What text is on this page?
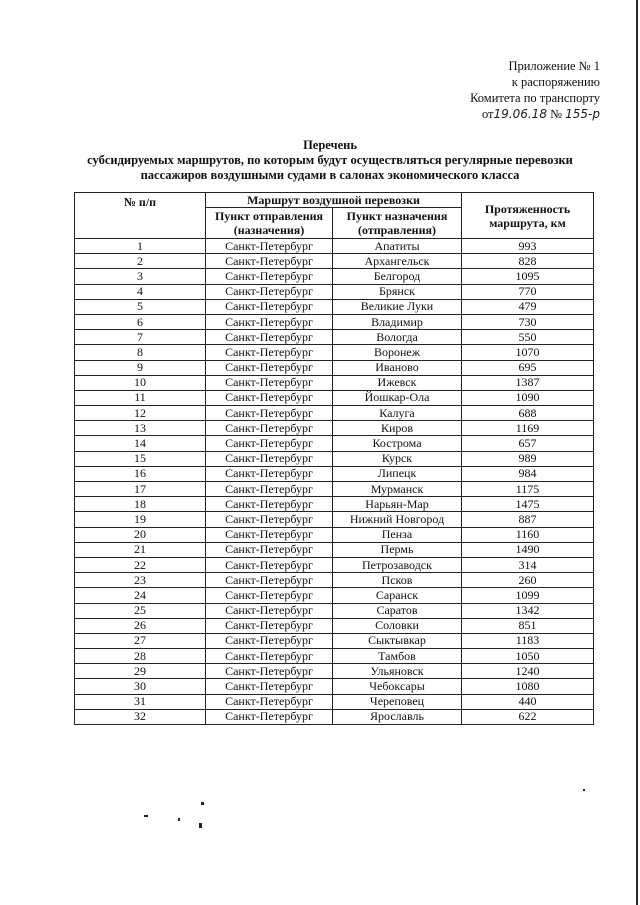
Приложение № 1
к распоряжению
Комитета по транспорту
от19.06.18 № 155-р
Перечень
субсидируемых маршрутов, по которым будут осуществляться регулярные перевозки
пассажиров воздушными судами в салонах экономического класса
№ п/п	Маршрут воздушной перевозки		Протяженность маршрута, км
	Пункт отправления (назначения)	Пункт назначения (отправления)	
1	Санкт-Петербург	Апатиты	993
2	Санкт-Петербург	Архангельск	828
3	Санкт-Петербург	Белгород	1095
4	Санкт-Петербург	Брянск	770
5	Санкт-Петербург	Великие Луки	479
6	Санкт-Петербург	Владимир	730
7	Санкт-Петербург	Вологда	550
8	Санкт-Петербург	Воронеж	1070
9	Санкт-Петербург	Иваново	695
10	Санкт-Петербург	Ижевск	1387
11	Санкт-Петербург	Йошкар-Ола	1090
12	Санкт-Петербург	Калуга	688
13	Санкт-Петербург	Киров	1169
14	Санкт-Петербург	Кострома	657
15	Санкт-Петербург	Курск	989
16	Санкт-Петербург	Липецк	984
17	Санкт-Петербург	Мурманск	1175
18	Санкт-Петербург	Нарьян-Мар	1475
19	Санкт-Петербург	Нижний Новгород	887
20	Санкт-Петербург	Пенза	1160
21	Санкт-Петербург	Пермь	1490
22	Санкт-Петербург	Петрозаводск	314
23	Санкт-Петербург	Псков	260
24	Санкт-Петербург	Саранск	1099
25	Санкт-Петербург	Саратов	1342
26	Санкт-Петербург	Соловки	851
27	Санкт-Петербург	Сыктывкар	1183
28	Санкт-Петербург	Тамбов	1050
29	Санкт-Петербург	Ульяновск	1240
30	Санкт-Петербург	Чебоксары	1080
31	Санкт-Петербург	Череповец	440
32	Санкт-Петербург	Ярославль	622
